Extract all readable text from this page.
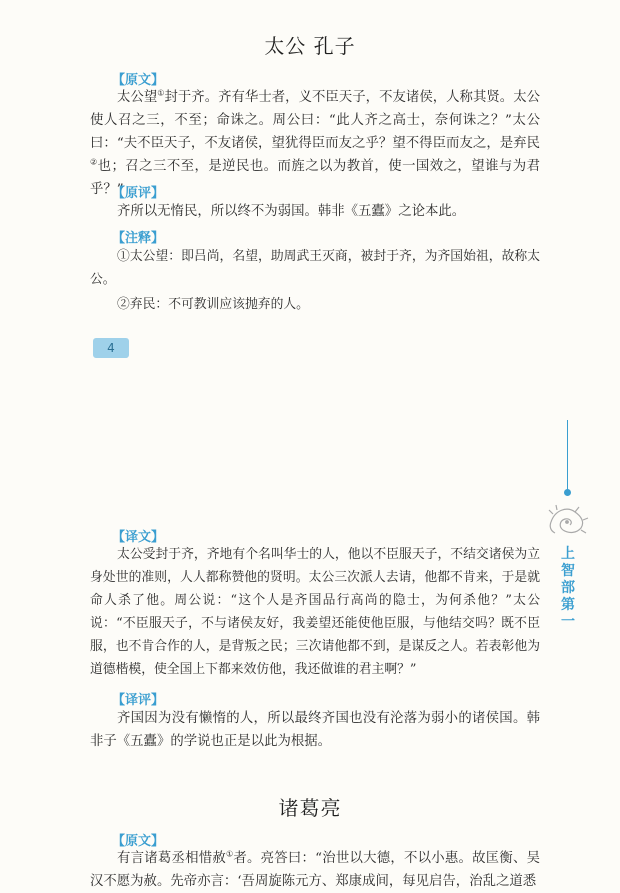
太公 孔子
【原文】

太公望①封于齐。齐有华士者，义不臣天子，不友诸侯，人称其贤。太公使人召之三，不至；命诛之。周公曰：“此人齐之高士，奈何诛之？”太公曰：“夫不臣天子，不友诸侯，望犹得臣而友之乎？望不得臣而友之，是弃民②也；召之三不至，是逆民也。而旌之以为教首，使一国效之，望谁与为君乎？”

【原评】

齐所以无惰民，所以终不为弱国。韩非《五蠹》之论本此。

【注释】

①太公望：即吕尚，名望，助周武王灭商，被封于齐，为齐国始祖，故称太公。

②弃民：不可教训应该抛弃的人。

4
上
智
部
第
一
【译文】

太公受封于齐，齐地有个名叫华士的人，他以不臣服天子，不结交诸侯为立身处世的准则，人人都称赞他的贤明。太公三次派人去请，他都不肯来，于是就命人杀了他。周公说：“这个人是齐国品行高尚的隐士，为何杀他？”太公说：“不臣服天子，不与诸侯友好，我姜望还能使他臣服，与他结交吗？既不臣服，也不肯合作的人，是背叛之民；三次请他都不到，是谋反之人。若表彰他为道德楷模，使全国上下都来效仿他，我还做谁的君主啊？”

【译评】

齐国因为没有懒惰的人，所以最终齐国也没有沦落为弱小的诸侯国。韩非子《五蠹》的学说也正是以此为根据。

诸葛亮
【原文】

有言诸葛丞相惜赦①者。亮答曰：“治世以大德，不以小惠。故匡衡、吴汉不愿为赦。先帝亦言：‘吾周旋陈元方、郑康成间，每见启告，治乱之道悉
